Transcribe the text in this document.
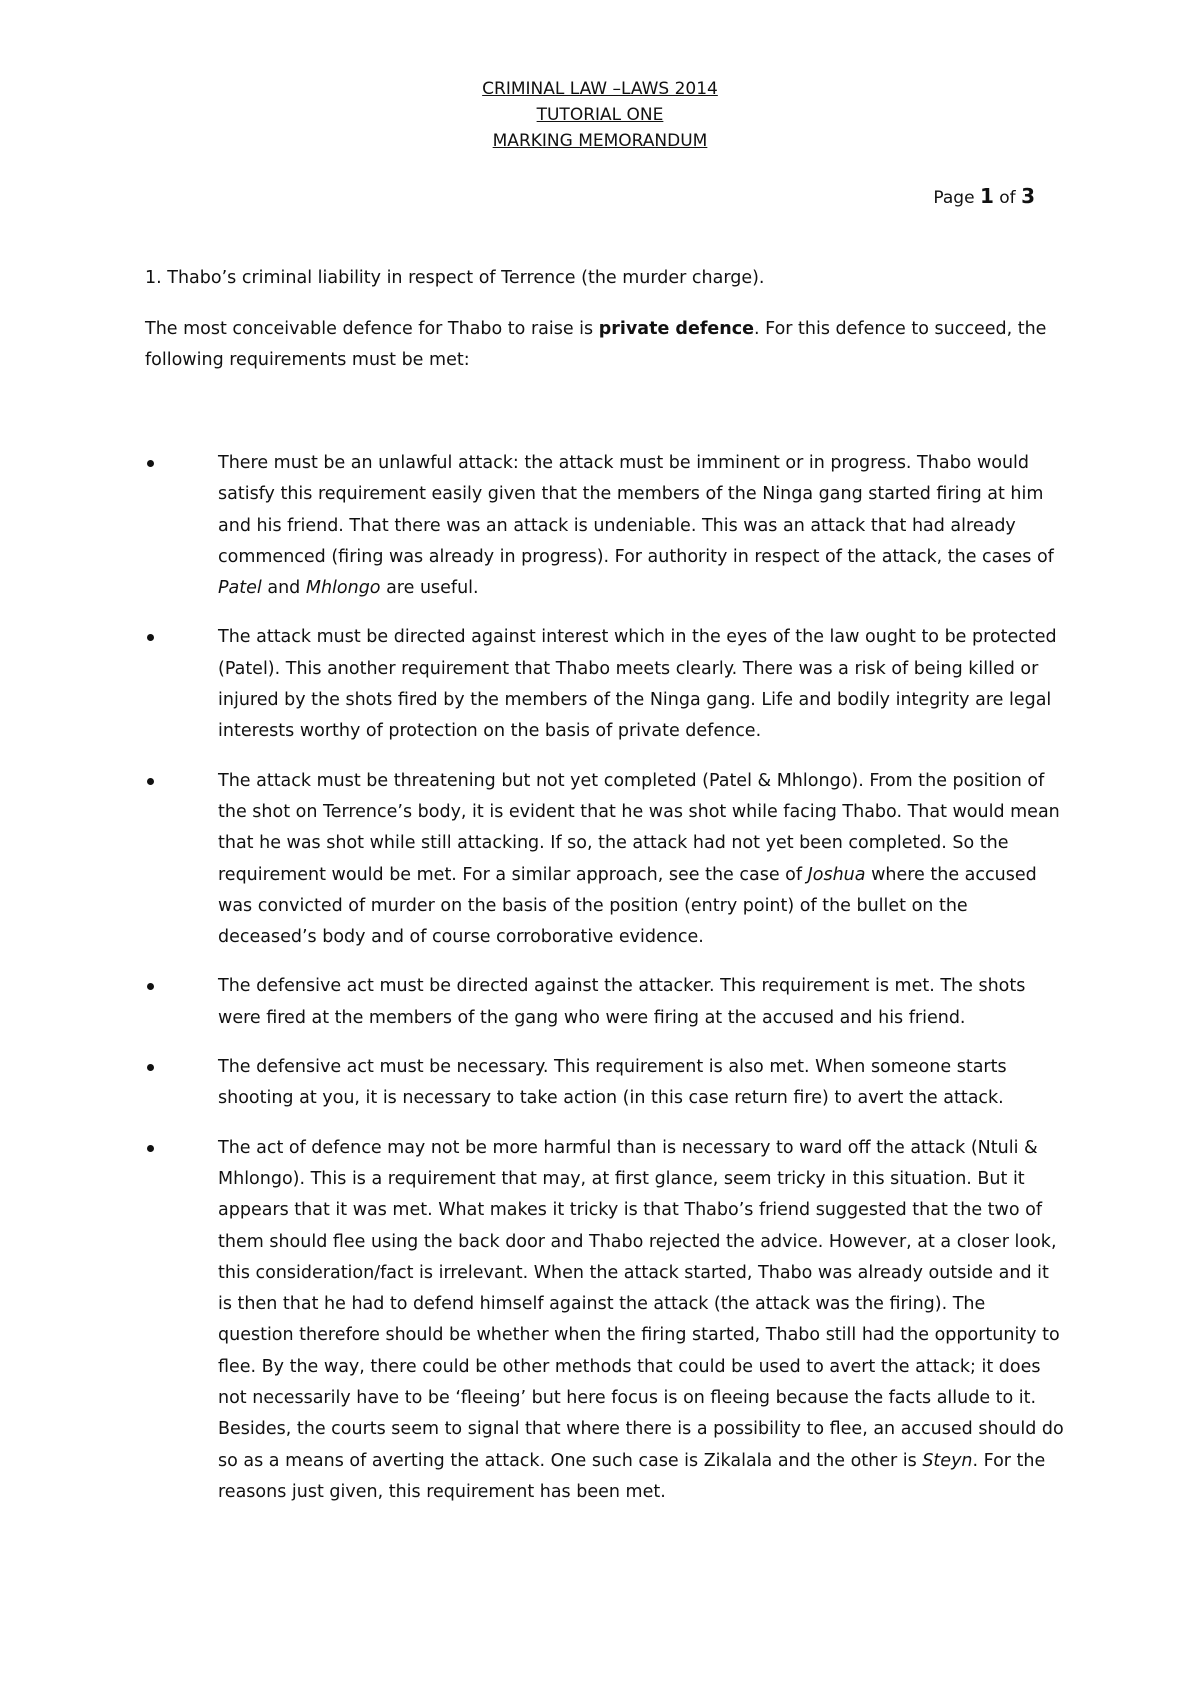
CRIMINAL LAW –LAWS 2014
TUTORIAL ONE
MARKING MEMORANDUM
Page 1 of 3
1. Thabo’s criminal liability in respect of Terrence (the murder charge).
The most conceivable defence for Thabo to raise is private defence. For this defence to succeed, the following requirements must be met:
There must be an unlawful attack: the attack must be imminent or in progress. Thabo would satisfy this requirement easily given that the members of the Ninga gang started firing at him and his friend. That there was an attack is undeniable. This was an attack that had already commenced (firing was already in progress). For authority in respect of the attack, the cases of Patel and Mhlongo are useful.
The attack must be directed against interest which in the eyes of the law ought to be protected (Patel). This another requirement that Thabo meets clearly. There was a risk of being killed or injured by the shots fired by the members of the Ninga gang. Life and bodily integrity are legal interests worthy of protection on the basis of private defence.
The attack must be threatening but not yet completed (Patel & Mhlongo). From the position of the shot on Terrence’s body, it is evident that he was shot while facing Thabo. That would mean that he was shot while still attacking. If so, the attack had not yet been completed. So the requirement would be met. For a similar approach, see the case of Joshua where the accused was convicted of murder on the basis of the position (entry point) of the bullet on the deceased’s body and of course corroborative evidence.
The defensive act must be directed against the attacker. This requirement is met. The shots were fired at the members of the gang who were firing at the accused and his friend.
The defensive act must be necessary. This requirement is also met. When someone starts shooting at you, it is necessary to take action (in this case return fire) to avert the attack.
The act of defence may not be more harmful than is necessary to ward off the attack (Ntuli & Mhlongo). This is a requirement that may, at first glance, seem tricky in this situation. But it appears that it was met. What makes it tricky is that Thabo’s friend suggested that the two of them should flee using the back door and Thabo rejected the advice. However, at a closer look, this consideration/fact is irrelevant. When the attack started, Thabo was already outside and it is then that he had to defend himself against the attack (the attack was the firing). The question therefore should be whether when the firing started, Thabo still had the opportunity to flee. By the way, there could be other methods that could be used to avert the attack; it does not necessarily have to be ‘fleeing’ but here focus is on fleeing because the facts allude to it. Besides, the courts seem to signal that where there is a possibility to flee, an accused should do so as a means of averting the attack. One such case is Zikalala and the other is Steyn. For the reasons just given, this requirement has been met.
